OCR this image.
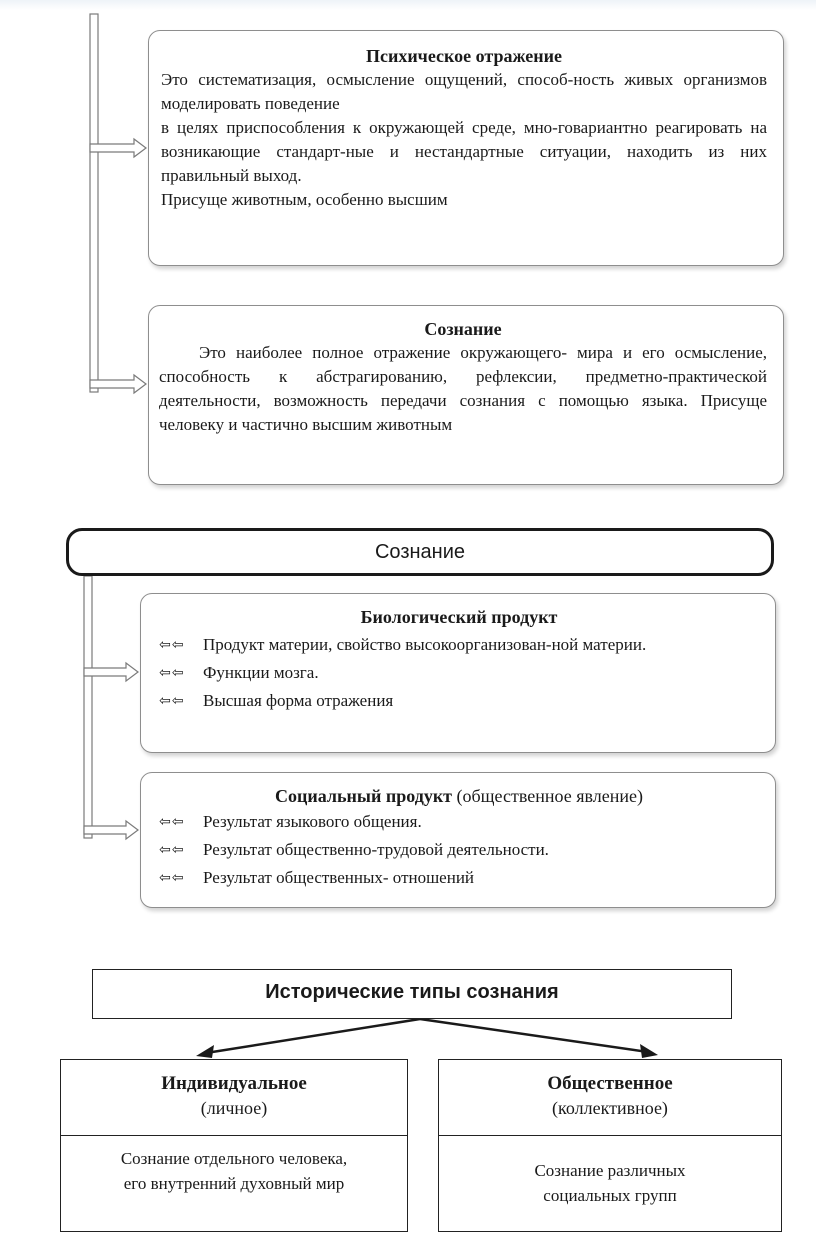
Психическое отражение

Это систематизация, осмысление ощущений, способ-ность живых организмов моделировать поведение

в целях приспособления к окружающей среде, мно-говариантно реагировать на возникающие стандарт-ные и нестандартные ситуации, находить из них правильный выход.

Присуще животным, особенно высшим

Сознание

Это наиболее полное отражение окружающего- мира и его осмысление, способность к абстрагированию, рефлексии, предметно-практической деятельности, возможность передачи сознания с помощью языка. Присуще человеку и частично высшим животным

Сознание
Биологический продукт

⇦⇦ Продукт материи, свойство высокоорганизован-ной материи.

⇦⇦ Функции мозга.

⇦⇦ Высшая форма отражения

Социальный продукт (общественное явление)

⇦⇦ Результат языкового общения.

⇦⇦ Результат общественно-трудовой деятельности.

⇦⇦ Результат общественных- отношений

Исторические типы сознания
Индивидуальное
(личное)
Сознание отдельного человека, его внутренний духовный мир
Общественное
(коллективное)
Сознание различных социальных групп
